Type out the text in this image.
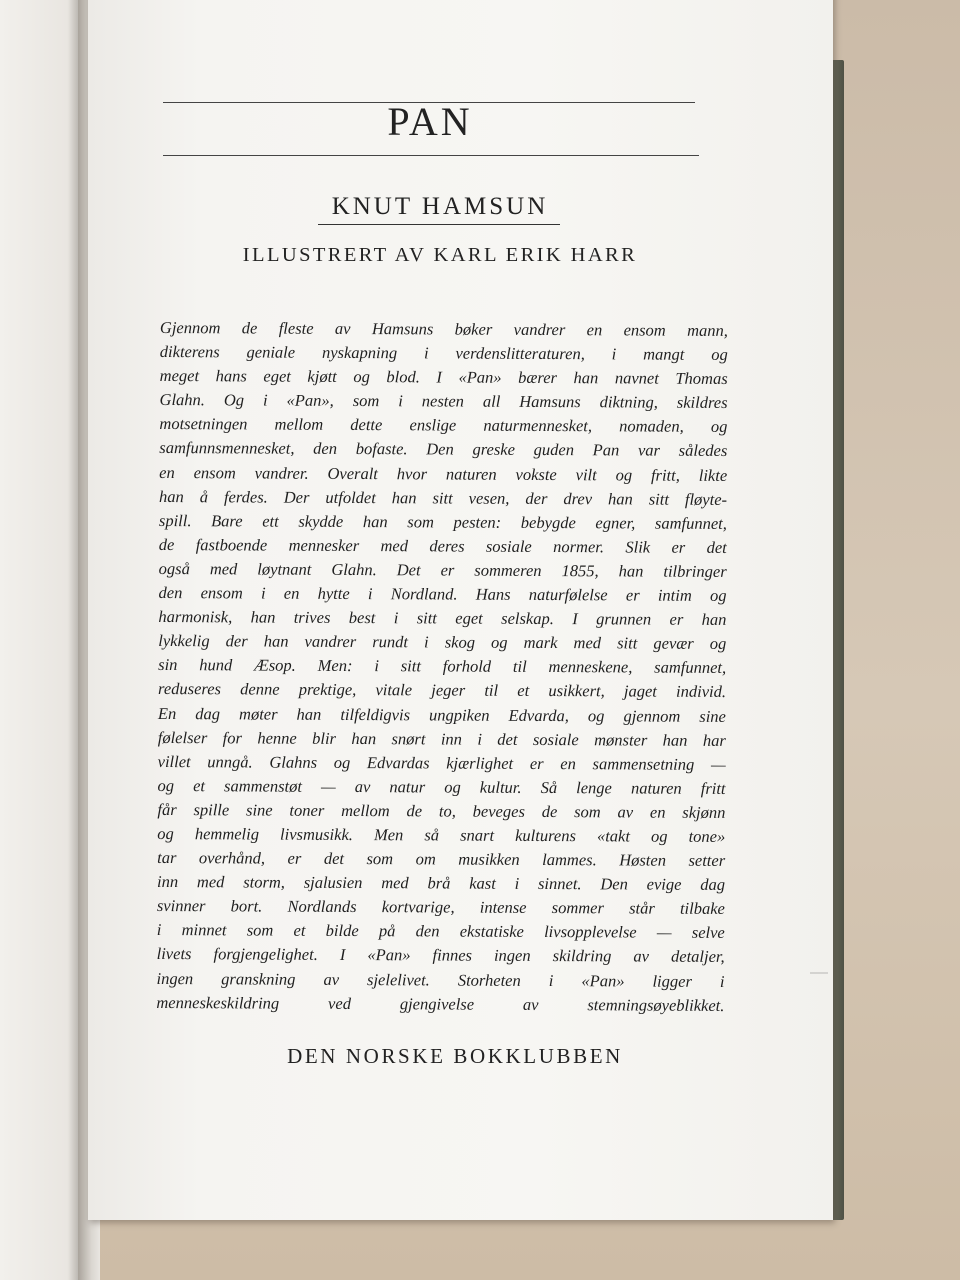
PAN
KNUT HAMSUN
ILLUSTRERT AV KARL ERIK HARR
Gjennom de fleste av Hamsuns bøker vandrer en ensom mann,
dikterens geniale nyskapning i verdenslitteraturen, i mangt og
meget hans eget kjøtt og blod. I «Pan» bærer han navnet Thomas
Glahn. Og i «Pan», som i nesten all Hamsuns diktning, skildres
motsetningen mellom dette enslige naturmennesket, nomaden, og
samfunnsmennesket, den bofaste. Den greske guden Pan var således
en ensom vandrer. Overalt hvor naturen vokste vilt og fritt, likte
han å ferdes. Der utfoldet han sitt vesen, der drev han sitt fløyte-
spill. Bare ett skydde han som pesten: bebygde egner, samfunnet,
de fastboende mennesker med deres sosiale normer. Slik er det
også med løytnant Glahn. Det er sommeren 1855, han tilbringer
den ensom i en hytte i Nordland. Hans naturfølelse er intim og
harmonisk, han trives best i sitt eget selskap. I grunnen er han
lykkelig der han vandrer rundt i skog og mark med sitt gevær og
sin hund Æsop. Men: i sitt forhold til menneskene, samfunnet,
reduseres denne prektige, vitale jeger til et usikkert, jaget individ.
En dag møter han tilfeldigvis ungpiken Edvarda, og gjennom sine
følelser for henne blir han snørt inn i det sosiale mønster han har
villet unngå. Glahns og Edvardas kjærlighet er en sammensetning —
og et sammenstøt — av natur og kultur. Så lenge naturen fritt
får spille sine toner mellom de to, beveges de som av en skjønn
og hemmelig livsmusikk. Men så snart kulturens «takt og tone»
tar overhånd, er det som om musikken lammes. Høsten setter
inn med storm, sjalusien med brå kast i sinnet. Den evige dag
svinner bort. Nordlands kortvarige, intense sommer står tilbake
i minnet som et bilde på den ekstatiske livsopplevelse — selve
livets forgjengelighet. I «Pan» finnes ingen skildring av detaljer,
ingen granskning av sjelelivet. Storheten i «Pan» ligger i
menneskeskildring ved gjengivelse av stemningsøyeblikket.
DEN NORSKE BOKKLUBBEN
